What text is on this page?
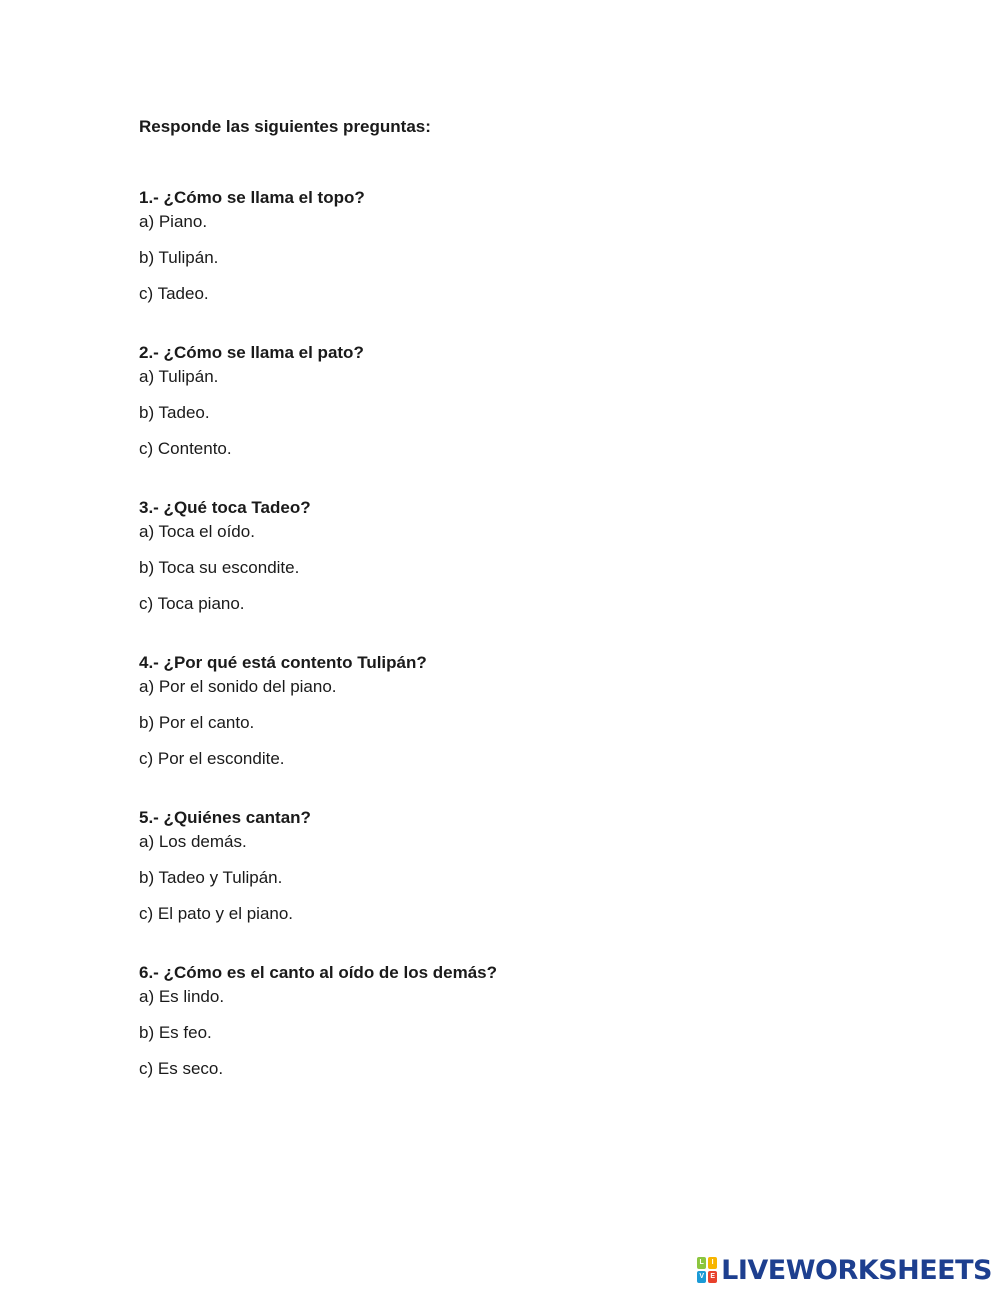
Responde las siguientes preguntas:

1.- ¿Cómo se llama el topo?

a) Piano.

b) Tulipán.

c) Tadeo.

2.- ¿Cómo se llama el pato?

a) Tulipán.

b) Tadeo.

c) Contento.

3.- ¿Qué toca Tadeo?

a) Toca el oído.

b) Toca su escondite.

c) Toca piano.

4.- ¿Por qué está contento Tulipán?

a) Por el sonido del piano.

b) Por el canto.

c) Por el escondite.

5.- ¿Quiénes cantan?

a) Los demás.

b) Tadeo y Tulipán.

c) El pato y el piano.

6.- ¿Cómo es el canto al oído de los demás?

a) Es lindo.

b) Es feo.

c) Es seco.

L	I
V E LIVEWORKSHEETS
